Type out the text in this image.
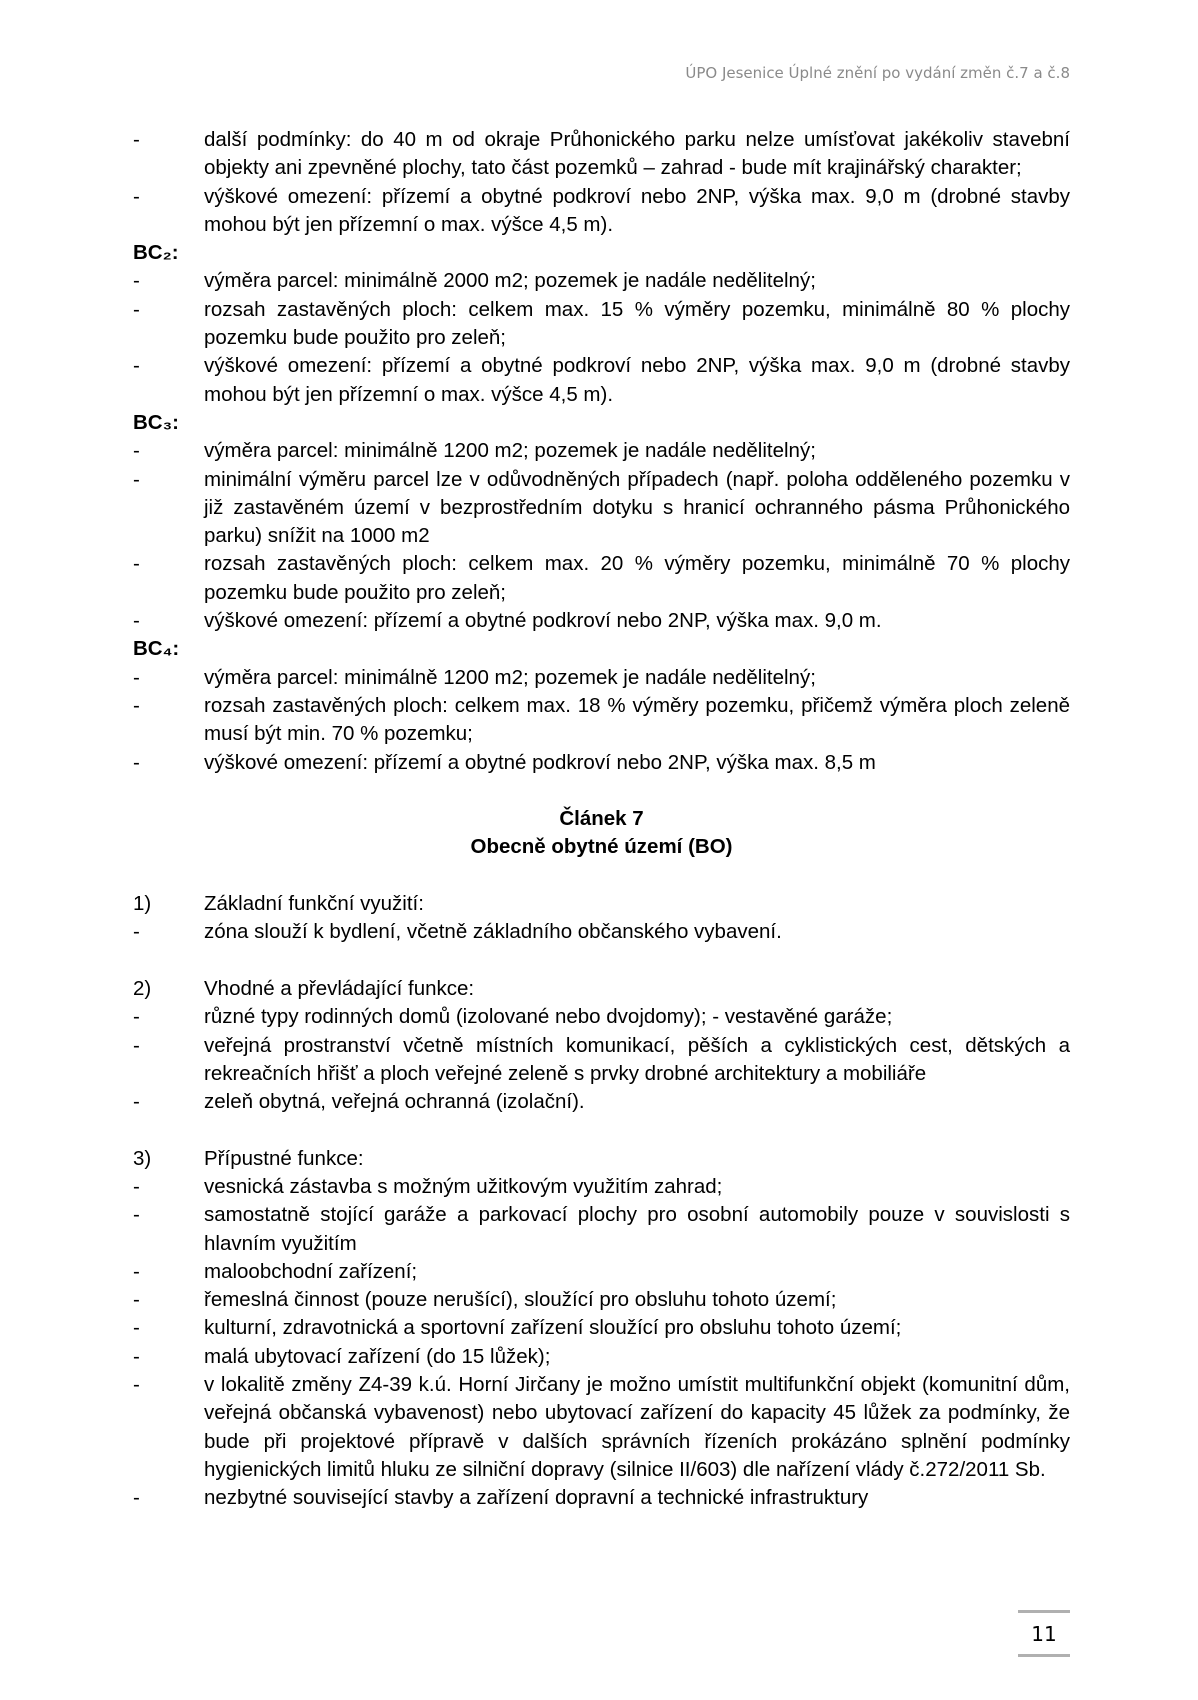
ÚPO Jesenice Úplné znění po vydání změn č.7 a č.8
-	další podmínky: do 40 m od okraje Průhonického parku nelze umísťovat jakékoliv stavební objekty ani zpevněné plochy, tato část pozemků – zahrad - bude mít krajinářský charakter;
-	výškové omezení: přízemí a obytné podkroví nebo 2NP, výška max. 9,0 m (drobné stavby mohou být jen přízemní o max. výšce 4,5 m).
BC₂:
-	výměra parcel: minimálně 2000 m2; pozemek je nadále nedělitelný;
-	rozsah zastavěných ploch: celkem max. 15 % výměry pozemku, minimálně 80 % plochy pozemku bude použito pro zeleň;
-	výškové omezení: přízemí a obytné podkroví nebo 2NP, výška max. 9,0 m (drobné stavby mohou být jen přízemní o max. výšce 4,5 m).
BC₃:
-	výměra parcel: minimálně 1200 m2; pozemek je nadále nedělitelný;
-	minimální výměru parcel lze v odůvodněných případech (např. poloha odděleného pozemku v již zastavěném území v bezprostředním dotyku s hranicí ochranného pásma Průhonického parku) snížit na 1000 m2
-	rozsah zastavěných ploch: celkem max. 20 % výměry pozemku, minimálně 70 % plochy pozemku bude použito pro zeleň;
-	výškové omezení: přízemí a obytné podkroví nebo 2NP, výška max. 9,0 m.
BC₄:
-	výměra parcel: minimálně 1200 m2; pozemek je nadále nedělitelný;
-	rozsah zastavěných ploch: celkem max. 18 % výměry pozemku, přičemž výměra ploch zeleně musí být min. 70 % pozemku;
-	výškové omezení: přízemí a obytné podkroví nebo 2NP, výška max. 8,5 m
Článek 7
Obecně obytné území (BO)
1)	Základní funkční využití:
-	zóna slouží k bydlení, včetně základního občanského vybavení.
2)	Vhodné a převládající funkce:
-	různé typy rodinných domů (izolované nebo dvojdomy); - vestavěné garáže;
-	veřejná prostranství včetně místních komunikací, pěších a cyklistických cest, dětských a rekreačních hřišť a ploch veřejné zeleně s prvky drobné architektury a mobiliáře
-	zeleň obytná, veřejná ochranná (izolační).
3)	Přípustné funkce:
-	vesnická zástavba s možným užitkovým využitím zahrad;
-	samostatně stojící garáže a parkovací plochy pro osobní automobily pouze v souvislosti s hlavním využitím
-	maloobchodní zařízení;
-	řemeslná činnost (pouze nerušící), sloužící pro obsluhu tohoto území;
-	kulturní, zdravotnická a sportovní zařízení sloužící pro obsluhu tohoto území;
-	malá ubytovací zařízení (do 15 lůžek);
-	v lokalitě změny Z4-39 k.ú. Horní Jirčany je možno umístit multifunkční objekt (komunitní dům, veřejná občanská vybavenost) nebo ubytovací zařízení do kapacity 45 lůžek za podmínky, že bude při projektové přípravě v dalších správních řízeních prokázáno splnění podmínky hygienických limitů hluku ze silniční dopravy (silnice II/603) dle nařízení vlády č.272/2011 Sb.
-	nezbytné související stavby a zařízení dopravní a technické infrastruktury
11
